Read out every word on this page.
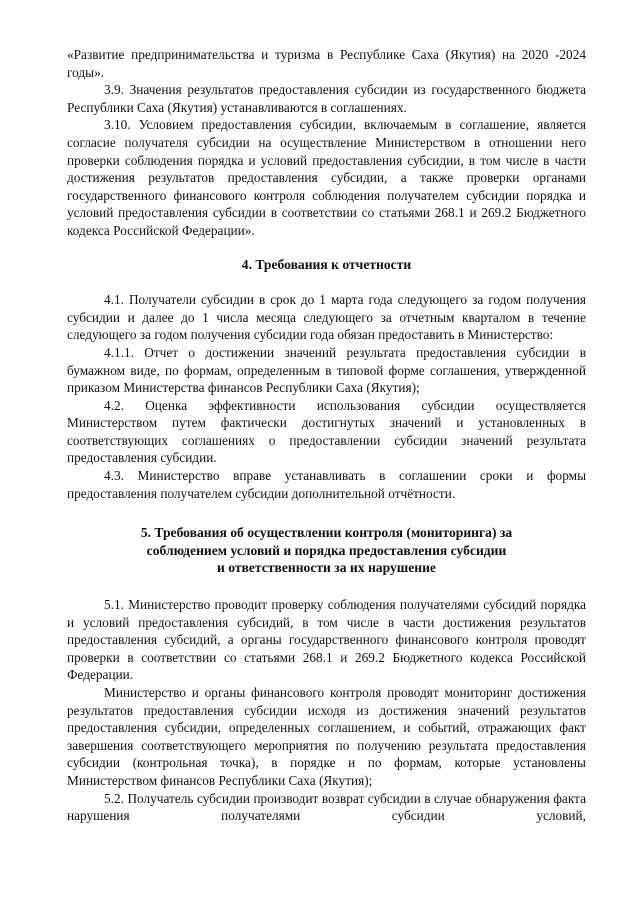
«Развитие предпринимательства и туризма в Республике Саха (Якутия) на 2020 -2024 годы».

3.9. Значения результатов предоставления субсидии из государственного бюджета Республики Саха (Якутия) устанавливаются в соглашениях.

3.10. Условием предоставления субсидии, включаемым в соглашение, является согласие получателя субсидии на осуществление Министерством в отношении него проверки соблюдения порядка и условий предоставления субсидии, в том числе в части достижения результатов предоставления субсидии, а также проверки органами государственного финансового контроля соблюдения получателем субсидии порядка и условий предоставления субсидии в соответствии со статьями 268.1 и 269.2 Бюджетного кодекса Российской Федерации».

4. Требования к отчетности

4.1. Получатели субсидии в срок до 1 марта года следующего за годом получения субсидии и далее до 1 числа месяца следующего за отчетным кварталом в течение следующего за годом получения субсидии года обязан предоставить в Министерство:

4.1.1. Отчет о достижении значений результата предоставления субсидии в бумажном виде, по формам, определенным в типовой форме соглашения, утвержденной приказом Министерства финансов Республики Саха (Якутия);

4.2. Оценка эффективности использования субсидии осуществляется Министерством путем фактически достигнутых значений и установленных в соответствующих соглашениях о предоставлении субсидии значений результата предоставления субсидии.

4.3. Министерство вправе устанавливать в соглашении сроки и формы предоставления получателем субсидии дополнительной отчётности.

5. Требования об осуществлении контроля (мониторинга) за

соблюдением условий и порядка предоставления субсидии

и ответственности за их нарушение

5.1. Министерство проводит проверку соблюдения получателями субсидий порядка и условий предоставления субсидий, в том числе в части достижения результатов предоставления субсидий, а органы государственного финансового контроля проводят проверки в соответствии со статьями 268.1 и 269.2 Бюджетного кодекса Российской Федерации.

Министерство и органы финансового контроля проводят мониторинг достижения результатов предоставления субсидии исходя из достижения значений результатов предоставления субсидии, определенных соглашением, и событий, отражающих факт завершения соответствующего мероприятия по получению результата предоставления субсидии (контрольная точка), в порядке и по формам, которые установлены Министерством финансов Республики Саха (Якутия);

5.2. Получатель субсидии производит возврат субсидии в случае обнаружения факта нарушения получателями субсидии условий,
